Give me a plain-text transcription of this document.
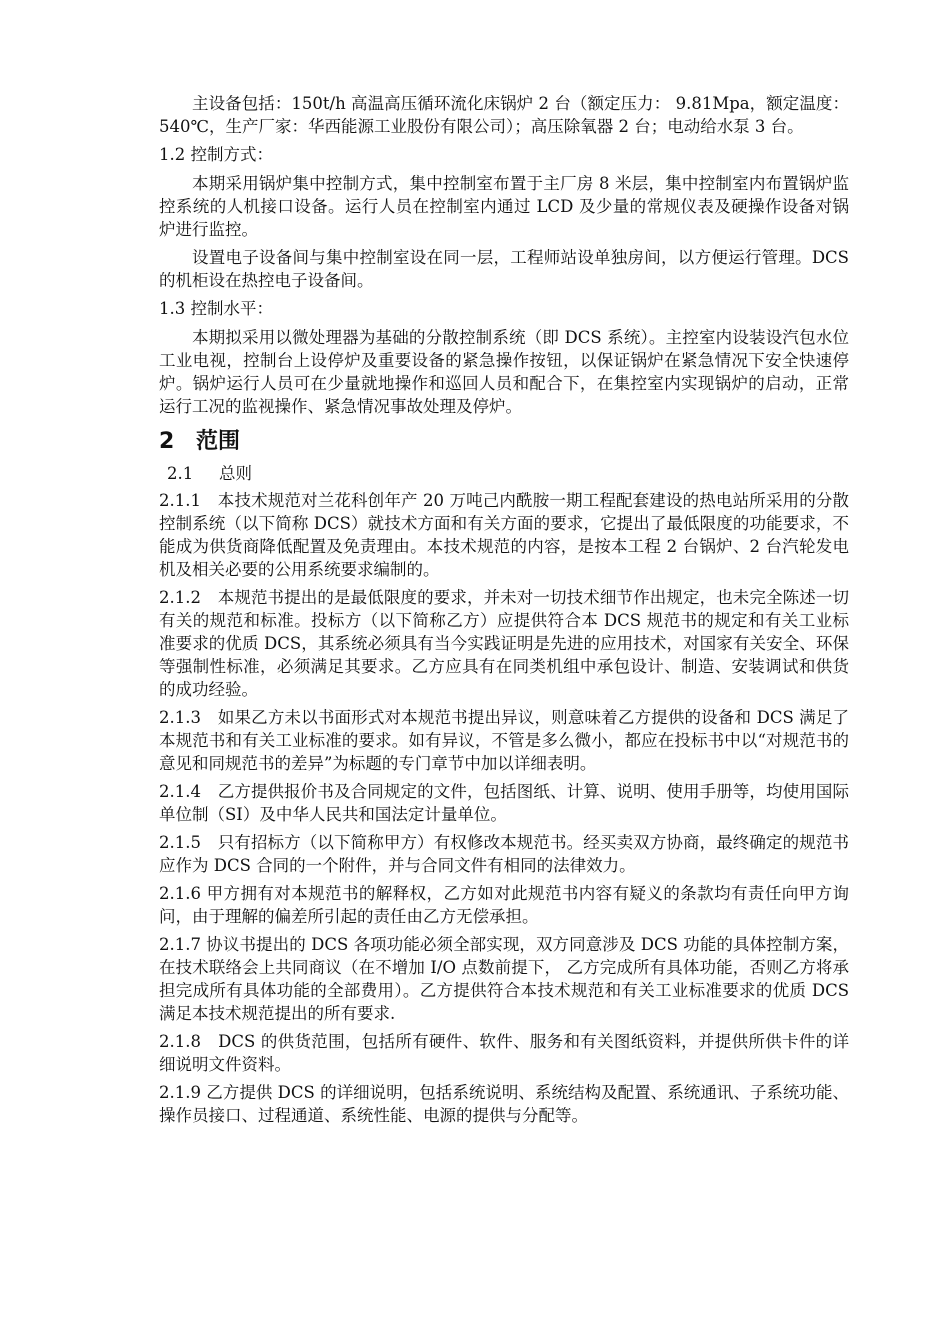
主设备包括：150t/h 高温高压循环流化床锅炉 2 台（额定压力： 9.81Mpa，额定温度：540℃，生产厂家：华西能源工业股份有限公司）；高压除氧器 2 台；电动给水泵 3 台。

1.2 控制方式：

本期采用锅炉集中控制方式，集中控制室布置于主厂房 8 米层，集中控制室内布置锅炉监控系统的人机接口设备。运行人员在控制室内通过 LCD 及少量的常规仪表及硬操作设备对锅炉进行监控。

设置电子设备间与集中控制室设在同一层，工程师站设单独房间，以方便运行管理。DCS 的机柜设在热控电子设备间。

1.3 控制水平：

本期拟采用以微处理器为基础的分散控制系统（即 DCS 系统）。主控室内设装设汽包水位工业电视，控制台上设停炉及重要设备的紧急操作按钮，以保证锅炉在紧急情况下安全快速停炉。锅炉运行人员可在少量就地操作和巡回人员和配合下，在集控室内实现锅炉的启动，正常运行工况的监视操作、紧急情况事故处理及停炉。

2 范围
2.1 总则

2.1.1　本技术规范对兰花科创年产 20 万吨己内酰胺一期工程配套建设的热电站所采用的分散控制系统（以下简称 DCS）就技术方面和有关方面的要求，它提出了最低限度的功能要求，不能成为供货商降低配置及免责理由。本技术规范的内容，是按本工程 2 台锅炉、2 台汽轮发电机及相关必要的公用系统要求编制的。

2.1.2　本规范书提出的是最低限度的要求，并未对一切技术细节作出规定，也未完全陈述一切有关的规范和标准。投标方（以下简称乙方）应提供符合本 DCS 规范书的规定和有关工业标准要求的优质 DCS，其系统必须具有当今实践证明是先进的应用技术，对国家有关安全、环保等强制性标准，必须满足其要求。乙方应具有在同类机组中承包设计、制造、安装调试和供货的成功经验。

2.1.3　如果乙方未以书面形式对本规范书提出异议，则意味着乙方提供的设备和 DCS 满足了本规范书和有关工业标准的要求。如有异议，不管是多么微小，都应在投标书中以“对规范书的意见和同规范书的差异”为标题的专门章节中加以详细表明。

2.1.4　乙方提供报价书及合同规定的文件，包括图纸、计算、说明、使用手册等，均使用国际单位制（SI）及中华人民共和国法定计量单位。

2.1.5　只有招标方（以下简称甲方）有权修改本规范书。经买卖双方协商，最终确定的规范书应作为 DCS 合同的一个附件，并与合同文件有相同的法律效力。

2.1.6 甲方拥有对本规范书的解释权，乙方如对此规范书内容有疑义的条款均有责任向甲方询问，由于理解的偏差所引起的责任由乙方无偿承担。

2.1.7 协议书提出的 DCS 各项功能必须全部实现，双方同意涉及 DCS 功能的具体控制方案，在技术联络会上共同商议（在不增加 I/O 点数前提下， 乙方完成所有具体功能，否则乙方将承担完成所有具体功能的全部费用）。乙方提供符合本技术规范和有关工业标准要求的优质 DCS 满足本技术规范提出的所有要求.

2.1.8　DCS 的供货范围，包括所有硬件、软件、服务和有关图纸资料，并提供所供卡件的详细说明文件资料。

2.1.9 乙方提供 DCS 的详细说明，包括系统说明、系统结构及配置、系统通讯、子系统功能、操作员接口、过程通道、系统性能、电源的提供与分配等。
